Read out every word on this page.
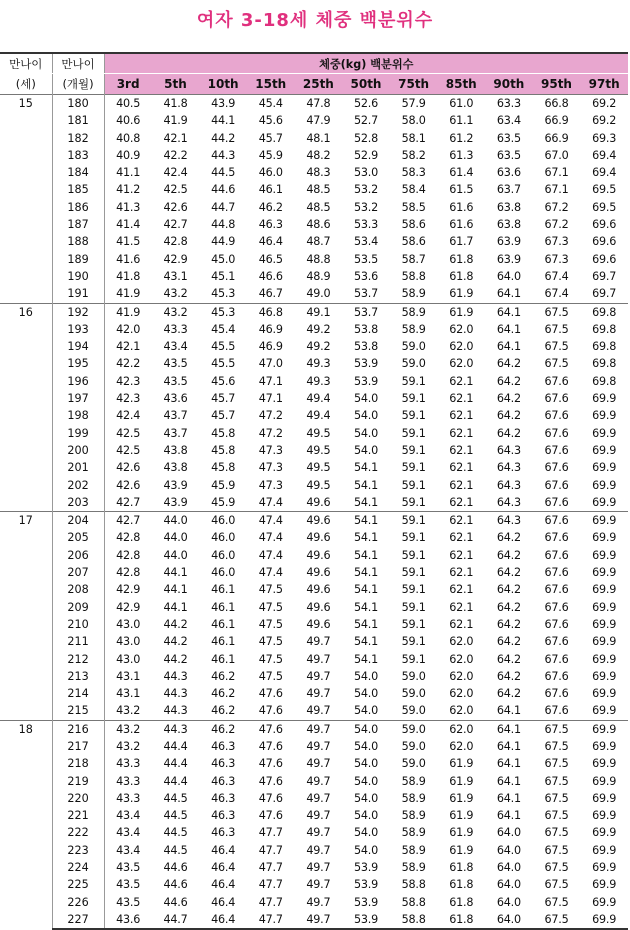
여자 3-18세 체중 백분위수
만나이	만나이	체중(kg) 백분위수										
(세)	(개월)	3rd	5th	10th	15th	25th	50th	75th	85th	90th	95th	97th
15	180	40.5	41.8	43.9	45.4	47.8	52.6	57.9	61.0	63.3	66.8	69.2
	181	40.6	41.9	44.1	45.6	47.9	52.7	58.0	61.1	63.4	66.9	69.2
	182	40.8	42.1	44.2	45.7	48.1	52.8	58.1	61.2	63.5	66.9	69.3
	183	40.9	42.2	44.3	45.9	48.2	52.9	58.2	61.3	63.5	67.0	69.4
	184	41.1	42.4	44.5	46.0	48.3	53.0	58.3	61.4	63.6	67.1	69.4
	185	41.2	42.5	44.6	46.1	48.5	53.2	58.4	61.5	63.7	67.1	69.5
	186	41.3	42.6	44.7	46.2	48.5	53.2	58.5	61.6	63.8	67.2	69.5
	187	41.4	42.7	44.8	46.3	48.6	53.3	58.6	61.6	63.8	67.2	69.6
	188	41.5	42.8	44.9	46.4	48.7	53.4	58.6	61.7	63.9	67.3	69.6
	189	41.6	42.9	45.0	46.5	48.8	53.5	58.7	61.8	63.9	67.3	69.6
	190	41.8	43.1	45.1	46.6	48.9	53.6	58.8	61.8	64.0	67.4	69.7
	191	41.9	43.2	45.3	46.7	49.0	53.7	58.9	61.9	64.1	67.4	69.7
16	192	41.9	43.2	45.3	46.8	49.1	53.7	58.9	61.9	64.1	67.5	69.8
	193	42.0	43.3	45.4	46.9	49.2	53.8	58.9	62.0	64.1	67.5	69.8
	194	42.1	43.4	45.5	46.9	49.2	53.8	59.0	62.0	64.1	67.5	69.8
	195	42.2	43.5	45.5	47.0	49.3	53.9	59.0	62.0	64.2	67.5	69.8
	196	42.3	43.5	45.6	47.1	49.3	53.9	59.1	62.1	64.2	67.6	69.8
	197	42.3	43.6	45.7	47.1	49.4	54.0	59.1	62.1	64.2	67.6	69.9
	198	42.4	43.7	45.7	47.2	49.4	54.0	59.1	62.1	64.2	67.6	69.9
	199	42.5	43.7	45.8	47.2	49.5	54.0	59.1	62.1	64.2	67.6	69.9
	200	42.5	43.8	45.8	47.3	49.5	54.0	59.1	62.1	64.3	67.6	69.9
	201	42.6	43.8	45.8	47.3	49.5	54.1	59.1	62.1	64.3	67.6	69.9
	202	42.6	43.9	45.9	47.3	49.5	54.1	59.1	62.1	64.3	67.6	69.9
	203	42.7	43.9	45.9	47.4	49.6	54.1	59.1	62.1	64.3	67.6	69.9
17	204	42.7	44.0	46.0	47.4	49.6	54.1	59.1	62.1	64.3	67.6	69.9
	205	42.8	44.0	46.0	47.4	49.6	54.1	59.1	62.1	64.2	67.6	69.9
	206	42.8	44.0	46.0	47.4	49.6	54.1	59.1	62.1	64.2	67.6	69.9
	207	42.8	44.1	46.0	47.4	49.6	54.1	59.1	62.1	64.2	67.6	69.9
	208	42.9	44.1	46.1	47.5	49.6	54.1	59.1	62.1	64.2	67.6	69.9
	209	42.9	44.1	46.1	47.5	49.6	54.1	59.1	62.1	64.2	67.6	69.9
	210	43.0	44.2	46.1	47.5	49.6	54.1	59.1	62.1	64.2	67.6	69.9
	211	43.0	44.2	46.1	47.5	49.7	54.1	59.1	62.0	64.2	67.6	69.9
	212	43.0	44.2	46.1	47.5	49.7	54.1	59.1	62.0	64.2	67.6	69.9
	213	43.1	44.3	46.2	47.5	49.7	54.0	59.0	62.0	64.2	67.6	69.9
	214	43.1	44.3	46.2	47.6	49.7	54.0	59.0	62.0	64.2	67.6	69.9
	215	43.2	44.3	46.2	47.6	49.7	54.0	59.0	62.0	64.1	67.6	69.9
18	216	43.2	44.3	46.2	47.6	49.7	54.0	59.0	62.0	64.1	67.5	69.9
	217	43.2	44.4	46.3	47.6	49.7	54.0	59.0	62.0	64.1	67.5	69.9
	218	43.3	44.4	46.3	47.6	49.7	54.0	59.0	61.9	64.1	67.5	69.9
	219	43.3	44.4	46.3	47.6	49.7	54.0	58.9	61.9	64.1	67.5	69.9
	220	43.3	44.5	46.3	47.6	49.7	54.0	58.9	61.9	64.1	67.5	69.9
	221	43.4	44.5	46.3	47.6	49.7	54.0	58.9	61.9	64.1	67.5	69.9
	222	43.4	44.5	46.3	47.7	49.7	54.0	58.9	61.9	64.0	67.5	69.9
	223	43.4	44.5	46.4	47.7	49.7	54.0	58.9	61.9	64.0	67.5	69.9
	224	43.5	44.6	46.4	47.7	49.7	53.9	58.9	61.8	64.0	67.5	69.9
	225	43.5	44.6	46.4	47.7	49.7	53.9	58.8	61.8	64.0	67.5	69.9
	226	43.5	44.6	46.4	47.7	49.7	53.9	58.8	61.8	64.0	67.5	69.9
	227	43.6	44.7	46.4	47.7	49.7	53.9	58.8	61.8	64.0	67.5	69.9
